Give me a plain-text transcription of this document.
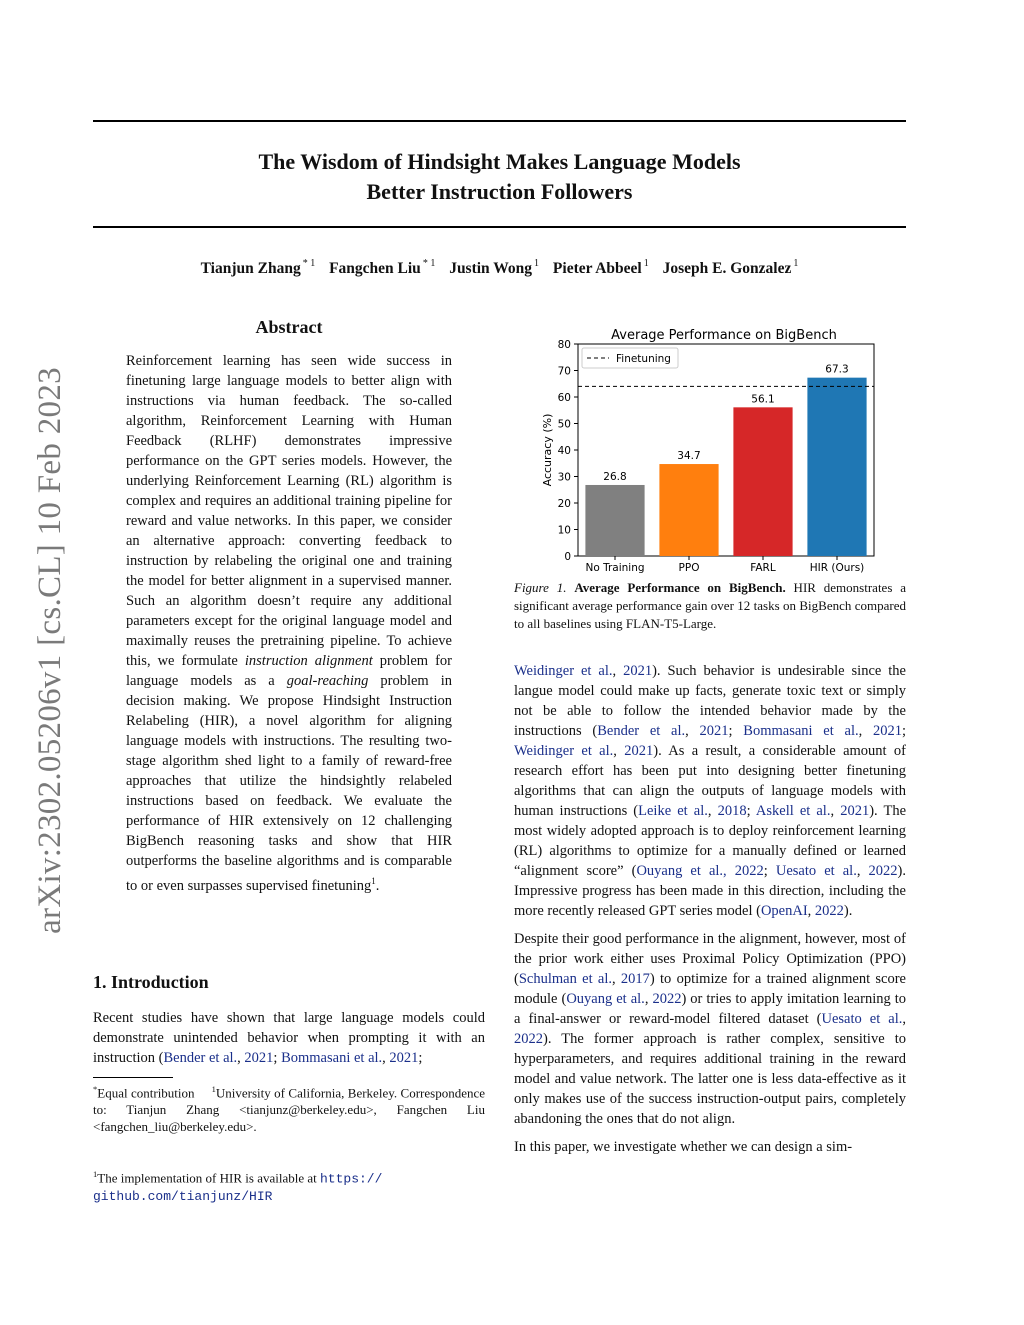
The Wisdom of Hindsight Makes Language Models
Better Instruction Followers
Tianjun Zhang $^{* 1}$ Fangchen Liu $^{* 1}$ Justin Wong $^1$ Pieter Abbeel $^1$ Joseph E. Gonzalez $^1$
arXiv:2302.05206v1 [cs.CL] 10 Feb 2023
Abstract
Reinforcement learning has seen wide success in finetuning large language models to better align with instructions via human feedback. The so-called algorithm, Reinforcement Learning with Human Feedback (RLHF) demonstrates impressive performance on the GPT series models. However, the underlying Reinforcement Learning (RL) algorithm is complex and requires an additional training pipeline for reward and value networks. In this paper, we consider an alternative approach: converting feedback to instruction by relabeling the original one and training the model for better alignment in a supervised manner. Such an algorithm doesn’t require any additional parameters except for the original language model and maximally reuses the pretraining pipeline. To achieve this, we formulate instruction alignment problem for language models as a goal-reaching problem in decision making. We propose Hindsight Instruction Relabeling (HIR), a novel algorithm for aligning language models with instructions. The resulting two-stage algorithm shed light to a family of reward-free approaches that utilize the hindsightly relabeled instructions based on feedback. We evaluate the performance of HIR extensively on 12 challenging BigBench reasoning tasks and show that HIR outperforms the baseline algorithms and is comparable to or even surpasses supervised finetuning$^1$.
1. Introduction
Recent studies have shown that large language models could demonstrate unintended behavior when prompting it with an instruction (Bender et al., 2021; Bommasani et al., 2021;
*Equal contribution $^1$University of California, Berkeley. Correspondence to: Tianjun Zhang <tianjunz@berkeley.edu>, Fangchen Liu <fangchen_liu@berkeley.edu>.
$^1$The implementation of HIR is available at https://
github.com/tianjunz/HIR
Average Performance on BigBench
Accuracy (%)
0
10
20
30
40
50
60
70
80
26.8
No Training
34.7
PPO
56.1
FARL
67.3
HIR (Ours)
Finetuning
Figure 1. Average Performance on BigBench. HIR demonstrates a significant average performance gain over 12 tasks on BigBench compared to all baselines using FLAN-T5-Large.

Weidinger et al., 2021). Such behavior is undesirable since the langue model could make up facts, generate toxic text or simply not be able to follow the intended behavior made by the instructions (Bender et al., 2021; Bommasani et al., 2021; Weidinger et al., 2021). As a result, a considerable amount of research effort has been put into designing better finetuning algorithms that can align the outputs of language models with human instructions (Leike et al., 2018; Askell et al., 2021). The most widely adopted approach is to deploy reinforcement learning (RL) algorithms to optimize for a manually defined or learned “alignment score” (Ouyang et al., 2022; Uesato et al., 2022). Impressive progress has been made in this direction, including the more recently released GPT series model (OpenAI, 2022).

Despite their good performance in the alignment, however, most of the prior work either uses Proximal Policy Optimization (PPO) (Schulman et al., 2017) to optimize for a trained alignment score module (Ouyang et al., 2022) or tries to apply imitation learning to a final-answer or reward-model filtered dataset (Uesato et al., 2022). The former approach is rather complex, sensitive to hyperparameters, and requires additional training in the reward model and value network. The latter one is less data-effective as it only makes use of the success instruction-output pairs, completely abandoning the ones that do not align.

In this paper, we investigate whether we can design a sim-
